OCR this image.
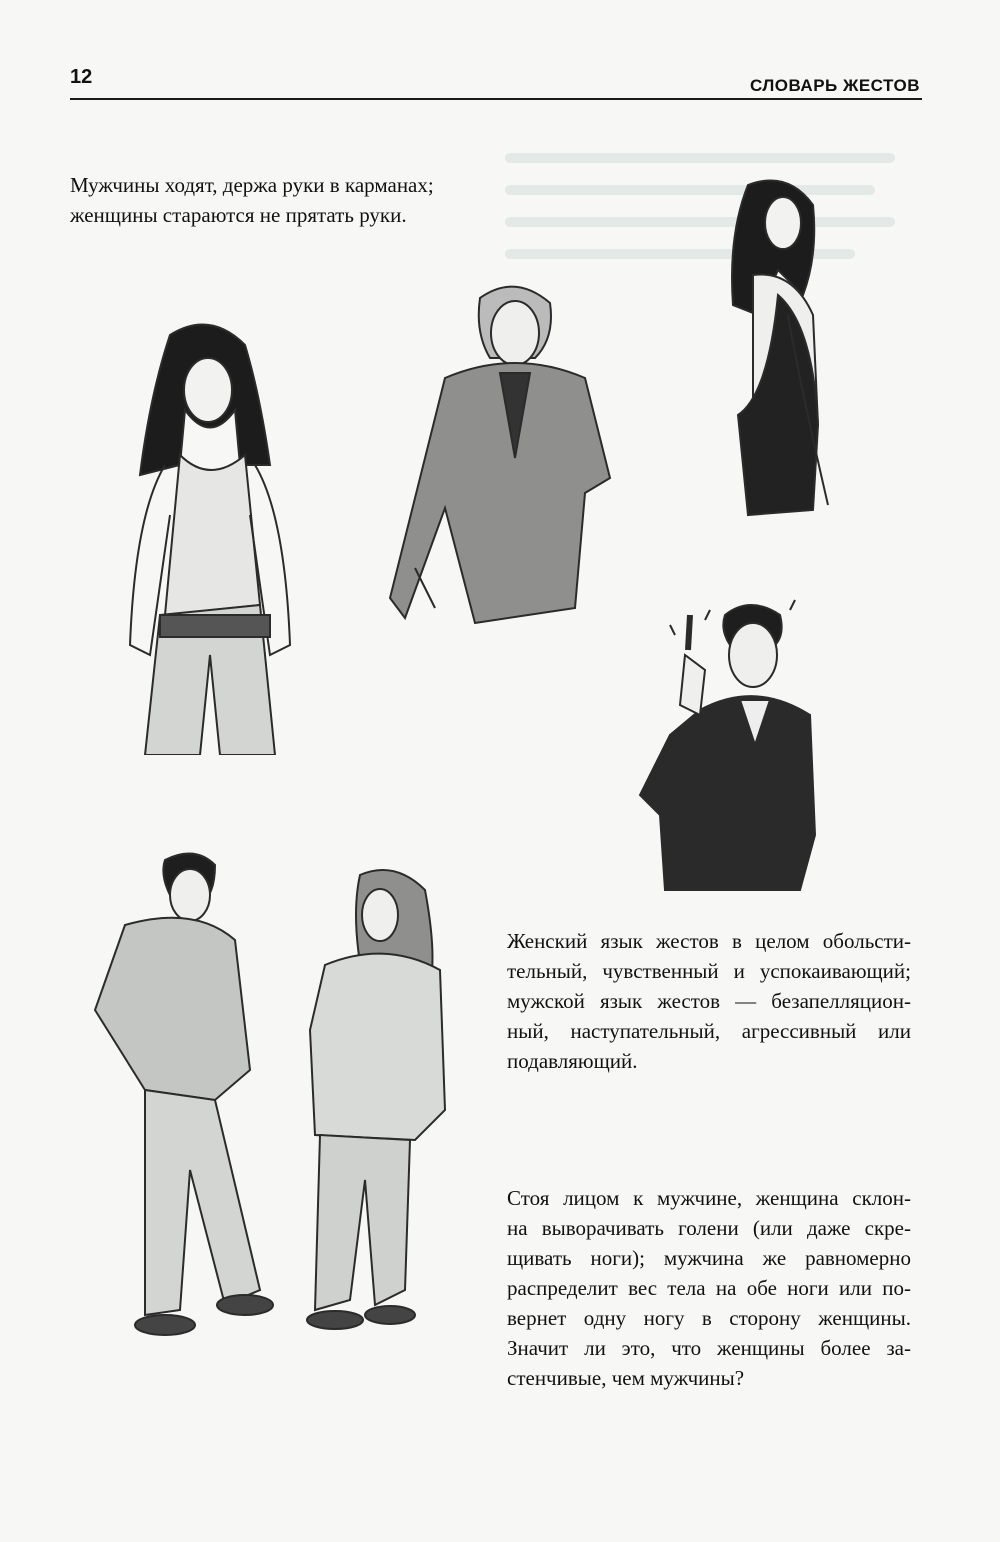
12	СЛОВАРЬ ЖЕСТОВ
Мужчины ходят, держа руки в карманах;
женщины стараются не прятать руки.
Женский язык жестов в целом обольсти-
тельный, чувственный и успокаивающий;
мужской язык жестов — безапелляцион-
ный, наступательный, агрессивный или
подавляющий.
Стоя лицом к мужчине, женщина склон-
на выворачивать голени (или даже скре-
щивать ноги); мужчина же равномерно
распределит вес тела на обе ноги или по-
вернет одну ногу в сторону женщины.
Значит ли это, что женщины более за-
стенчивые, чем мужчины?
